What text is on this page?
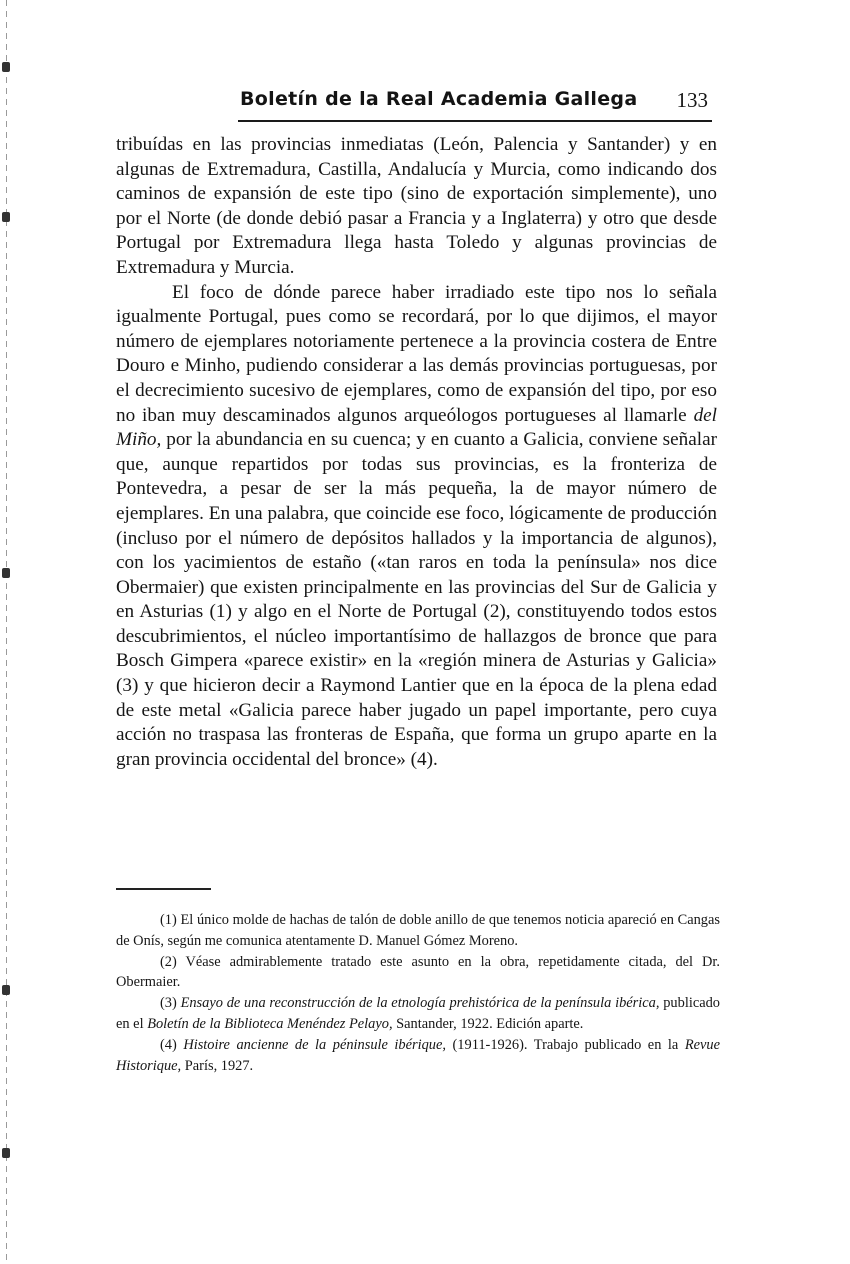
Boletín de la Real Academia Gallega 133

tribuídas en las provincias inmediatas (León, Palencia y Santander) y en algunas de Extremadura, Castilla, Andalucía y Murcia, como indicando dos caminos de expansión de este tipo (sino de exportación simplemente), uno por el Norte (de donde debió pasar a Francia y a Inglaterra) y otro que desde Portugal por Extremadura llega hasta Toledo y algunas provincias de Extremadura y Murcia.

El foco de dónde parece haber irradiado este tipo nos lo señala igualmente Portugal, pues como se recordará, por lo que dijimos, el mayor número de ejemplares notoriamente pertenece a la provincia costera de Entre Douro e Minho, pudiendo considerar a las demás provincias portuguesas, por el decrecimiento sucesivo de ejemplares, como de expansión del tipo, por eso no iban muy descaminados algunos arqueólogos portugueses al llamarle del Miño, por la abundancia en su cuenca; y en cuanto a Galicia, conviene señalar que, aunque repartidos por todas sus provincias, es la fronteriza de Pontevedra, a pesar de ser la más pequeña, la de mayor número de ejemplares. En una palabra, que coincide ese foco, lógicamente de producción (incluso por el número de depósitos hallados y la importancia de algunos), con los yacimientos de estaño («tan raros en toda la península» nos dice Obermaier) que existen principalmente en las provincias del Sur de Galicia y en Asturias (1) y algo en el Norte de Portugal (2), constituyendo todos estos descubrimientos, el núcleo importantísimo de hallazgos de bronce que para Bosch Gimpera «parece existir» en la «región minera de Asturias y Galicia» (3) y que hicieron decir a Raymond Lantier que en la época de la plena edad de este metal «Galicia parece haber jugado un papel importante, pero cuya acción no traspasa las fronteras de España, que forma un grupo aparte en la gran provincia occidental del bronce» (4).

(1) El único molde de hachas de talón de doble anillo de que tenemos noticia apareció en Cangas de Onís, según me comunica atentamente D. Manuel Gómez Moreno.

(2) Véase admirablemente tratado este asunto en la obra, repetidamente citada, del Dr. Obermaier.

(3) Ensayo de una reconstrucción de la etnología prehistórica de la península ibérica, publicado en el Boletín de la Biblioteca Menéndez Pelayo, Santander, 1922. Edición aparte.

(4) Histoire ancienne de la péninsule ibérique, (1911-1926). Trabajo publicado en la Revue Historique, París, 1927.
